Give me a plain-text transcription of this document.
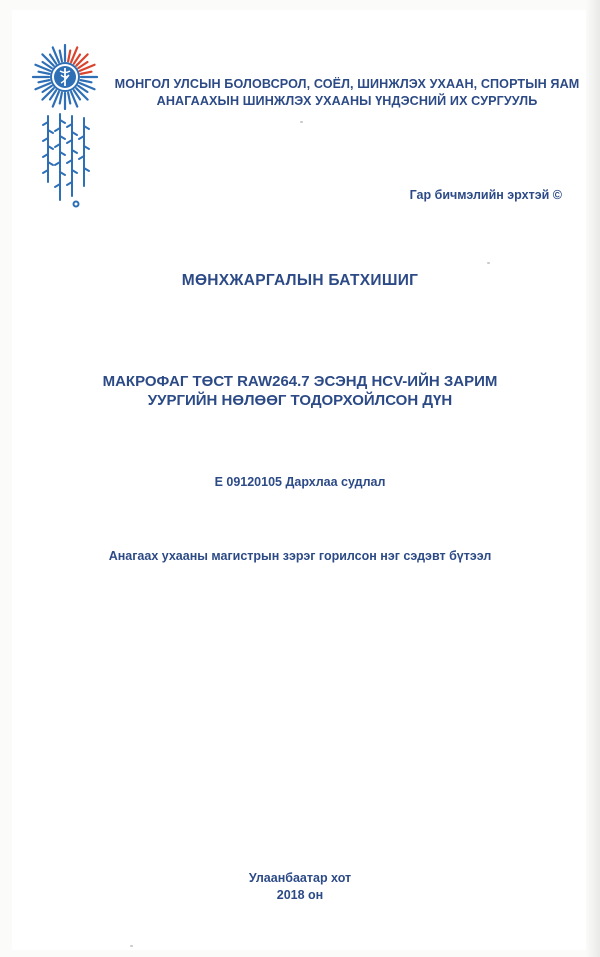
МОНГОЛ УЛСЫН БОЛОВСРОЛ, СОЁЛ, ШИНЖЛЭХ УХААН, СПОРТЫН ЯАМ
АНАГААХЫН ШИНЖЛЭХ УХААНЫ ҮНДЭСНИЙ ИХ СУРГУУЛЬ
Гар бичмэлийн эрхтэй ©
МӨНХЖАРГАЛЫН БАТХИШИГ
МАКРОФАГ ТӨСТ RAW264.7 ЭСЭНД HCV-ИЙН ЗАРИМ
УУРГИЙН НӨЛӨӨГ ТОДОРХОЙЛСОН ДҮН
Е 09120105 Дархлаа судлал
Анагаах ухааны магистрын зэрэг горилсон нэг сэдэвт бүтээл
Улаанбаатар хот
2018 он
